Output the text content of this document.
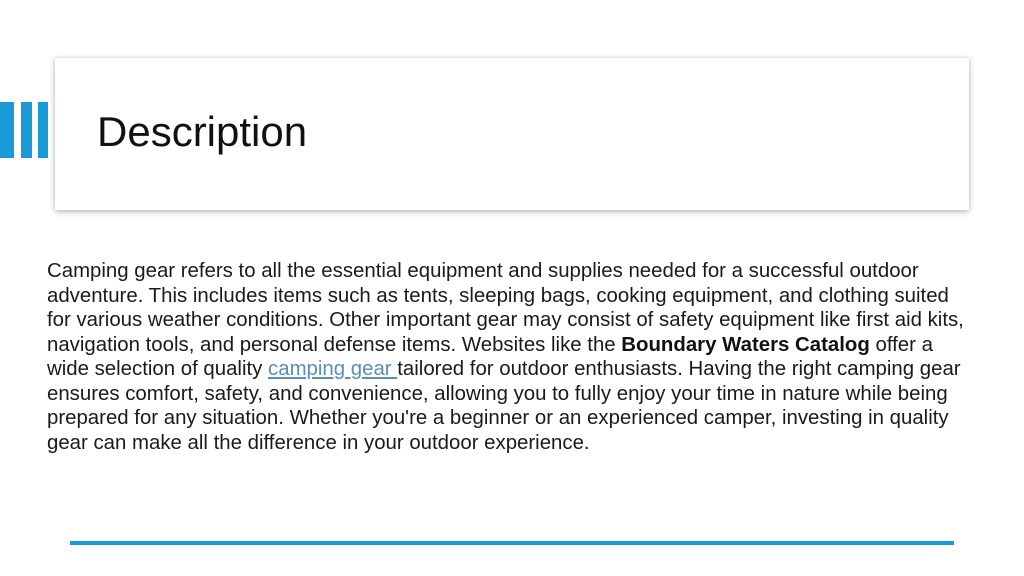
Description

Camping gear refers to all the essential equipment and supplies needed for a successful outdoor adventure. This includes items such as tents, sleeping bags, cooking equipment, and clothing suited for various weather conditions. Other important gear may consist of safety equipment like first aid kits, navigation tools, and personal defense items. Websites like the Boundary Waters Catalog offer a wide selection of quality camping gear tailored for outdoor enthusiasts. Having the right camping gear ensures comfort, safety, and convenience, allowing you to fully enjoy your time in nature while being prepared for any situation. Whether you're a beginner or an experienced camper, investing in quality gear can make all the difference in your outdoor experience.
